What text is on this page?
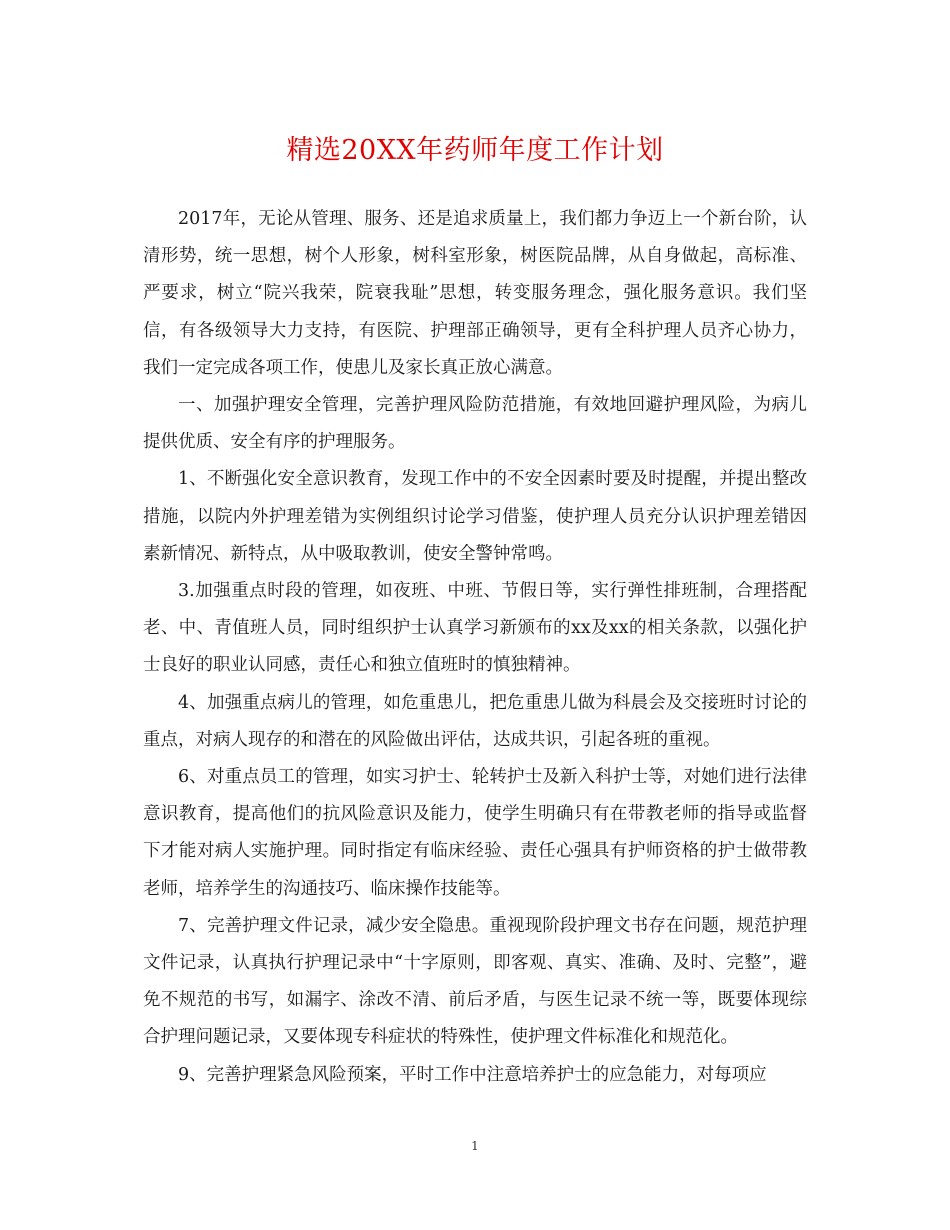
精选20XX年药师年度工作计划

2017年，无论从管理、服务、还是追求质量上，我们都力争迈上一个新台阶，认清形势，统一思想，树个人形象，树科室形象，树医院品牌，从自身做起，高标准、严要求，树立“院兴我荣，院衰我耻”思想，转变服务理念，强化服务意识。我们坚信，有各级领导大力支持，有医院、护理部正确领导，更有全科护理人员齐心协力，我们一定完成各项工作，使患儿及家长真正放心满意。

一、加强护理安全管理，完善护理风险防范措施，有效地回避护理风险，为病儿提供优质、安全有序的护理服务。

1、不断强化安全意识教育，发现工作中的不安全因素时要及时提醒，并提出整改措施，以院内外护理差错为实例组织讨论学习借鉴，使护理人员充分认识护理差错因素新情况、新特点，从中吸取教训，使安全警钟常鸣。

3.加强重点时段的管理，如夜班、中班、节假日等，实行弹性排班制，合理搭配老、中、青值班人员，同时组织护士认真学习新颁布的xx及xx的相关条款，以强化护士良好的职业认同感，责任心和独立值班时的慎独精神。

4、加强重点病儿的管理，如危重患儿，把危重患儿做为科晨会及交接班时讨论的重点，对病人现存的和潜在的风险做出评估，达成共识，引起各班的重视。

6、对重点员工的管理，如实习护士、轮转护士及新入科护士等，对她们进行法律意识教育，提高他们的抗风险意识及能力，使学生明确只有在带教老师的指导或监督下才能对病人实施护理。同时指定有临床经验、责任心强具有护师资格的护士做带教老师，培养学生的沟通技巧、临床操作技能等。

7、完善护理文件记录，减少安全隐患。重视现阶段护理文书存在问题，规范护理文件记录，认真执行护理记录中“十字原则，即客观、真实、准确、及时、完整”，避免不规范的书写，如漏字、涂改不清、前后矛盾，与医生记录不统一等，既要体现综合护理问题记录，又要体现专科症状的特殊性，使护理文件标准化和规范化。

9、完善护理紧急风险预案，平时工作中注意培养护士的应急能力，对每项应

1
